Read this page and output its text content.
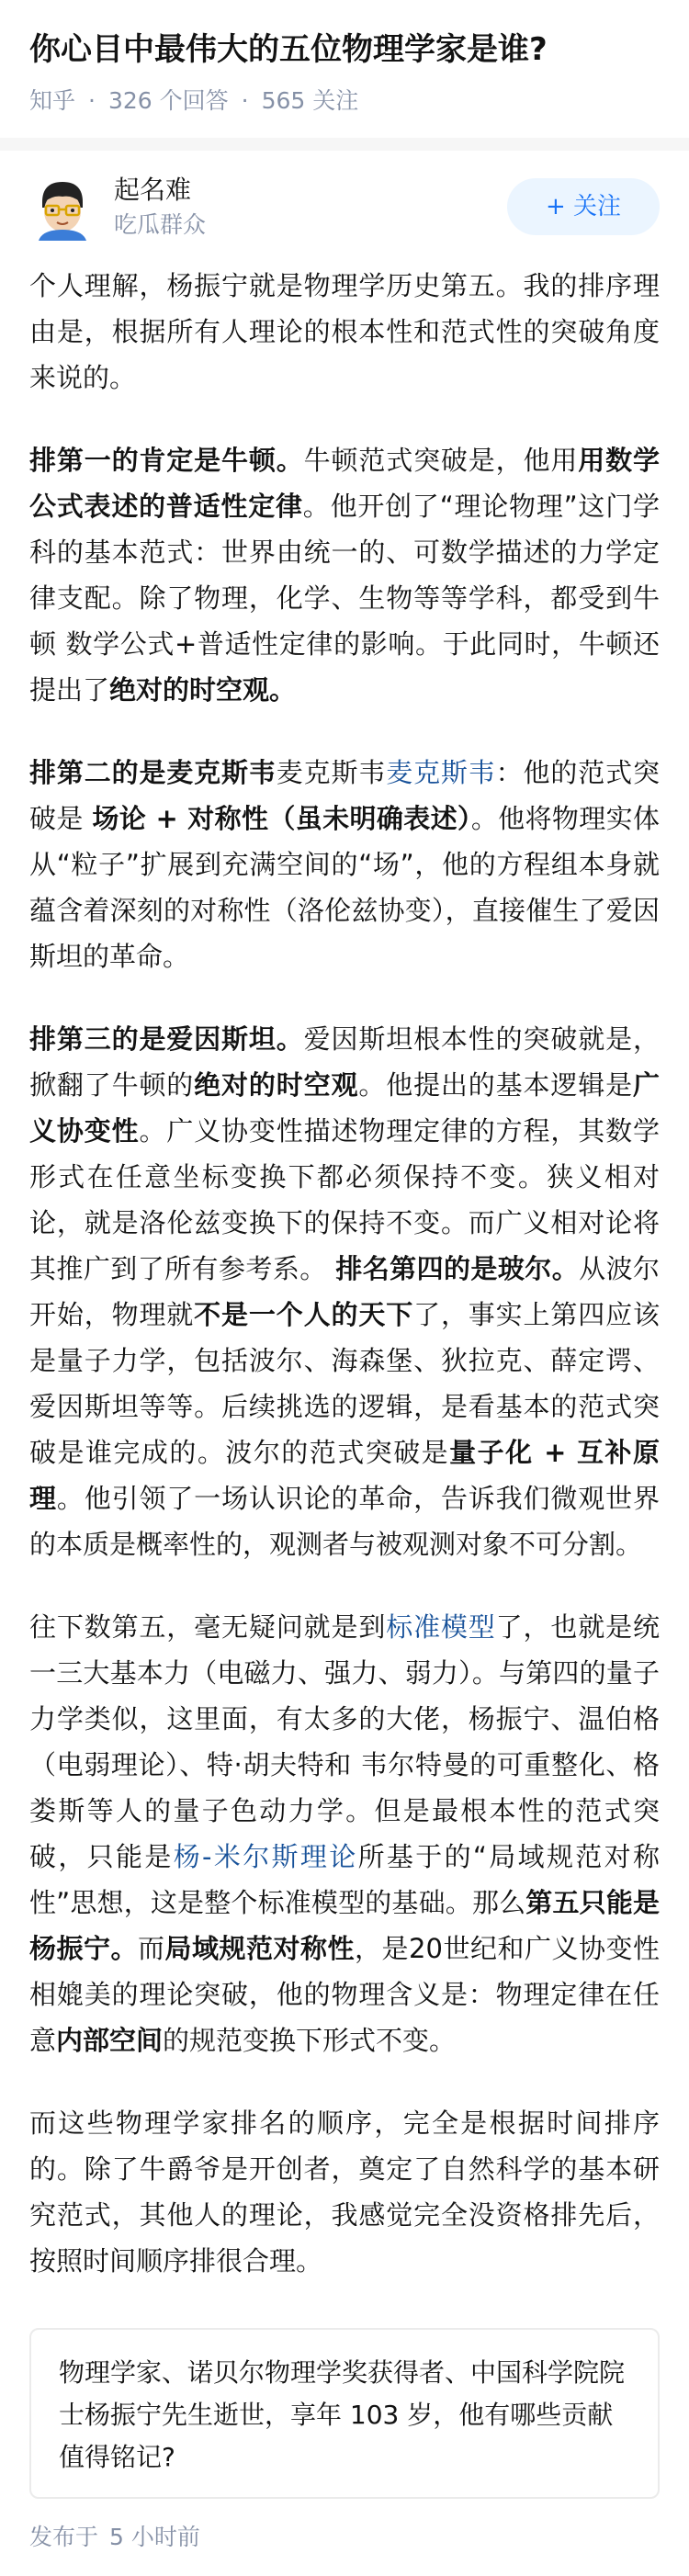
你心目中最伟大的五位物理学家是谁?
知乎 · 326 个回答 · 565 关注
起名难
吃瓜群众
+ 关注

个人理解，杨振宁就是物理学历史第五。我的排序理由是，根据所有人理论的根本性和范式性的突破角度来说的。

排第一的肯定是牛顿。牛顿范式突破是，他用用数学公式表述的普适性定律。他开创了“理论物理”这门学科的基本范式：世界由统一的、可数学描述的力学定律支配。除了物理，化学、生物等等学科，都受到牛顿 数学公式+普适性定律的影响。于此同时，牛顿还提出了绝对的时空观。

排第二的是麦克斯韦麦克斯韦麦克斯韦：他的范式突破是 场论 + 对称性（虽未明确表述）。他将物理实体从“粒子”扩展到充满空间的“场”，他的方程组本身就蕴含着深刻的对称性（洛伦兹协变），直接催生了爱因斯坦的革命。

排第三的是爱因斯坦。爱因斯坦根本性的突破就是，掀翻了牛顿的绝对的时空观。他提出的基本逻辑是广义协变性。广义协变性描述物理定律的方程，其数学形式在任意坐标变换下都必须保持不变。狭义相对论，就是洛伦兹变换下的保持不变。而广义相对论将其推广到了所有参考系。 排名第四的是玻尔。从波尔开始，物理就不是一个人的天下了，事实上第四应该是量子力学，包括波尔、海森堡、狄拉克、薛定谔、爱因斯坦等等。后续挑选的逻辑，是看基本的范式突破是谁完成的。波尔的范式突破是量子化 + 互补原理。他引领了一场认识论的革命，告诉我们微观世界的本质是概率性的，观测者与被观测对象不可分割。

往下数第五，毫无疑问就是到标准模型了，也就是统一三大基本力（电磁力、强力、弱力）。与第四的量子力学类似，这里面，有太多的大佬，杨振宁、温伯格（电弱理论）、特·胡夫特和 韦尔特曼的可重整化、格娄斯等人的量子色动力学。但是最根本性的范式突破，只能是杨-米尔斯理论所基于的“局域规范对称性”思想，这是整个标准模型的基础。那么第五只能是杨振宁。而局域规范对称性，是20世纪和广义协变性相媲美的理论突破，他的物理含义是：物理定律在任意内部空间的规范变换下形式不变。

而这些物理学家排名的顺序，完全是根据时间排序的。除了牛爵爷是开创者，奠定了自然科学的基本研究范式，其他人的理论，我感觉完全没资格排先后，按照时间顺序排很合理。

物理学家、诺贝尔物理学奖获得者、中国科学院院士杨振宁先生逝世，享年 103 岁，他有哪些贡献值得铭记?
发布于 5 小时前
